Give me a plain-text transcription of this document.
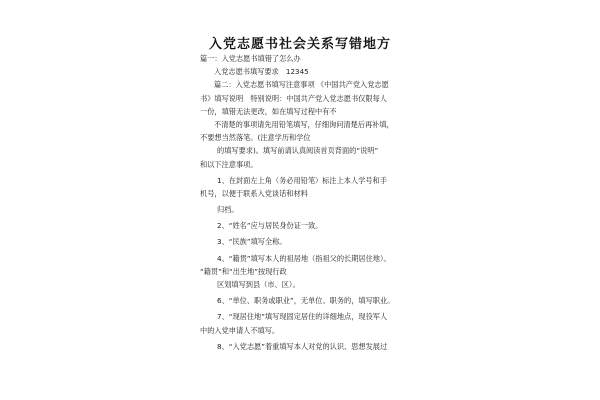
入党志愿书社会关系写错地方
篇一：入党志愿书填错了怎么办
入党志愿书填写要求　12345
篇二：入党志愿书填写注意事项 《中国共产党入党志愿
书》填写说明　特别说明：中国共产党入党志愿书仅限每人
一份，填错无法更改，如在填写过程中有不
不清楚的事项请先用铅笔填写，仔细询问清楚后再补填，
不要想当然落笔。(注意学历和学位
的填写要求)。填写前请认真阅读首页背面的“说明”
和以下注意事项。
1、在封面左上角（务必用铅笔）标注上本人学号和手
机号，以便于联系入党谈话和材料
归档。
2、“姓名”应与居民身份证一致。
3、“民族”填写全称。
4、“籍贯”填写本人的祖居地（指祖父的长期居住地）。
“籍贯”和“出生地”按现行政
区划填写到县（市、区）。
6、“单位、职务或职业”，无单位、职务的，填写职业。
7、“现居住地”填写现固定居住的详细地点，现役军人
中的入党申请人不填写。
8、“入党志愿”着重填写本人对党的认识、思想发展过
